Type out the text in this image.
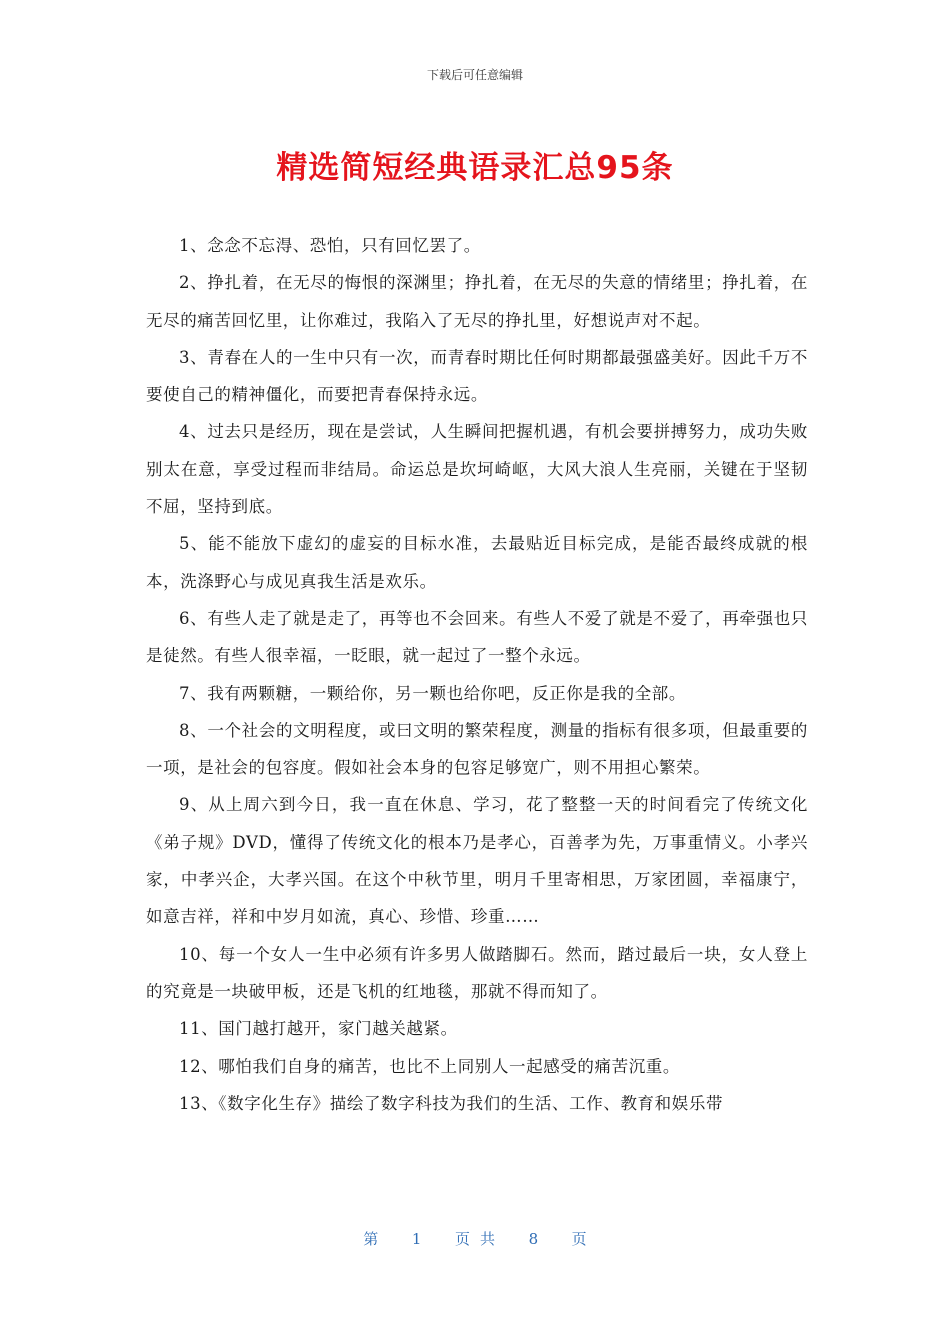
下载后可任意编辑
精选简短经典语录汇总95条

1、念念不忘淂、恐怕，只有回忆罢了。

2、挣扎着，在无尽的悔恨的深渊里；挣扎着，在无尽的失意的情绪里；挣扎着，在无尽的痛苦回忆里，让你难过，我陷入了无尽的挣扎里，好想说声对不起。

3、青春在人的一生中只有一次，而青春时期比任何时期都最强盛美好。因此千万不要使自己的精神僵化，而要把青春保持永远。

4、过去只是经历，现在是尝试，人生瞬间把握机遇，有机会要拼搏努力，成功失败别太在意，享受过程而非结局。命运总是坎坷崎岖，大风大浪人生亮丽，关键在于坚韧不屈，坚持到底。

5、能不能放下虚幻的虚妄的目标水准，去最贴近目标完成，是能否最终成就的根本，洗涤野心与成见真我生活是欢乐。

6、有些人走了就是走了，再等也不会回来。有些人不爱了就是不爱了，再牵强也只是徒然。有些人很幸福，一眨眼，就一起过了一整个永远。

7、我有两颗糖，一颗给你，另一颗也给你吧，反正你是我的全部。

8、一个社会的文明程度，或曰文明的繁荣程度，测量的指标有很多项，但最重要的一项，是社会的包容度。假如社会本身的包容足够宽广，则不用担心繁荣。

9、从上周六到今日，我一直在休息、学习，花了整整一天的时间看完了传统文化《弟子规》DVD，懂得了传统文化的根本乃是孝心，百善孝为先，万事重情义。小孝兴家，中孝兴企，大孝兴国。在这个中秋节里，明月千里寄相思，万家团圆，幸福康宁，如意吉祥，祥和中岁月如流，真心、珍惜、珍重……

10、每一个女人一生中必须有许多男人做踏脚石。然而，踏过最后一块，女人登上的究竟是一块破甲板，还是飞机的红地毯，那就不得而知了。

11、国门越打越开，家门越关越紧。

12、哪怕我们自身的痛苦，也比不上同别人一起感受的痛苦沉重。

13、《数字化生存》描绘了数字科技为我们的生活、工作、教育和娱乐带

第 1 页共 8 页
